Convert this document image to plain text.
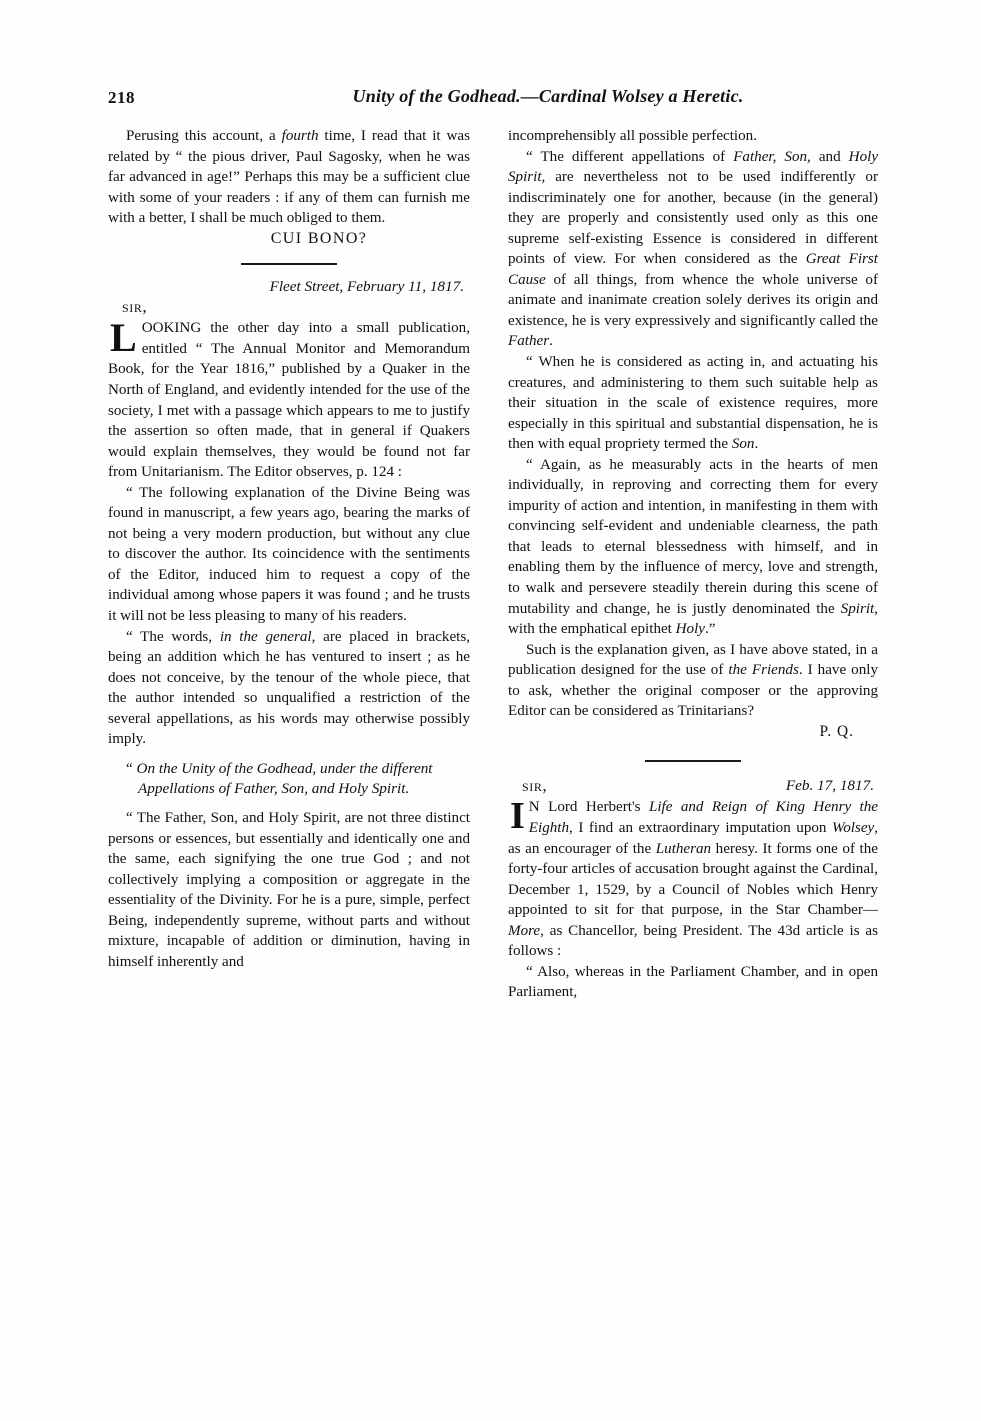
218	Unity of the Godhead.—Cardinal Wolsey a Heretic.

Perusing this account, a fourth time, I read that it was related by “ the pious driver, Paul Sagosky, when he was far advanced in age!” Perhaps this may be a sufficient clue with some of your readers : if any of them can furnish me with a better, I shall be much obliged to them.

CUI BONO?

Fleet Street, February 11, 1817.

sir,

LOOKING the other day into a small publication, entitled “ The Annual Monitor and Memorandum Book, for the Year 1816,” published by a Quaker in the North of England, and evidently intended for the use of the society, I met with a passage which appears to me to justify the assertion so often made, that in general if Quakers would explain themselves, they would be found not far from Unitarianism. The Editor observes, p. 124 :

“ The following explanation of the Divine Being was found in manuscript, a few years ago, bearing the marks of not being a very modern production, but without any clue to discover the author. Its coincidence with the sentiments of the Editor, induced him to request a copy of the individual among whose papers it was found ; and he trusts it will not be less pleasing to many of his readers.

“ The words, in the general, are placed in brackets, being an addition which he has ventured to insert ; as he does not conceive, by the tenour of the whole piece, that the author intended so unqualified a restriction of the several appellations, as his words may otherwise possibly imply.

“ On the Unity of the Godhead, under the different Appellations of Father, Son, and Holy Spirit.

“ The Father, Son, and Holy Spirit, are not three distinct persons or essences, but essentially and identically one and the same, each signifying the one true God ; and not collectively implying a composition or aggregate in the essentiality of the Divinity. For he is a pure, simple, perfect Being, independently supreme, without parts and without mixture, incapable of addition or diminution, having in himself inherently and

incomprehensibly all possible perfection.

“ The different appellations of Father, Son, and Holy Spirit, are nevertheless not to be used indifferently or indiscriminately one for another, because (in the general) they are properly and consistently used only as this one supreme self-existing Essence is considered in different points of view. For when considered as the Great First Cause of all things, from whence the whole universe of animate and inanimate creation solely derives its origin and existence, he is very expressively and significantly called the Father.

“ When he is considered as acting in, and actuating his creatures, and administering to them such suitable help as their situation in the scale of existence requires, more especially in this spiritual and substantial dispensation, he is then with equal propriety termed the Son.

“ Again, as he measurably acts in the hearts of men individually, in reproving and correcting them for every impurity of action and intention, in manifesting in them with convincing self-evident and undeniable clearness, the path that leads to eternal blessedness with himself, and in enabling them by the influence of mercy, love and strength, to walk and persevere steadily therein during this scene of mutability and change, he is justly denominated the Spirit, with the emphatical epithet Holy.”

Such is the explanation given, as I have above stated, in a publication designed for the use of the Friends. I have only to ask, whether the original composer or the approving Editor can be considered as Trinitarians?

P. Q.

sir,	Feb. 17, 1817.

I N Lord Herbert's Life and Reign of King Henry the Eighth, I find an extraordinary imputation upon Wolsey, as an encourager of the Lutheran heresy. It forms one of the forty-four articles of accusation brought against the Cardinal, December 1, 1529, by a Council of Nobles which Henry appointed to sit for that purpose, in the Star Chamber—More, as Chancellor, being President. The 43d article is as follows :

“ Also, whereas in the Parliament Chamber, and in open Parliament,
